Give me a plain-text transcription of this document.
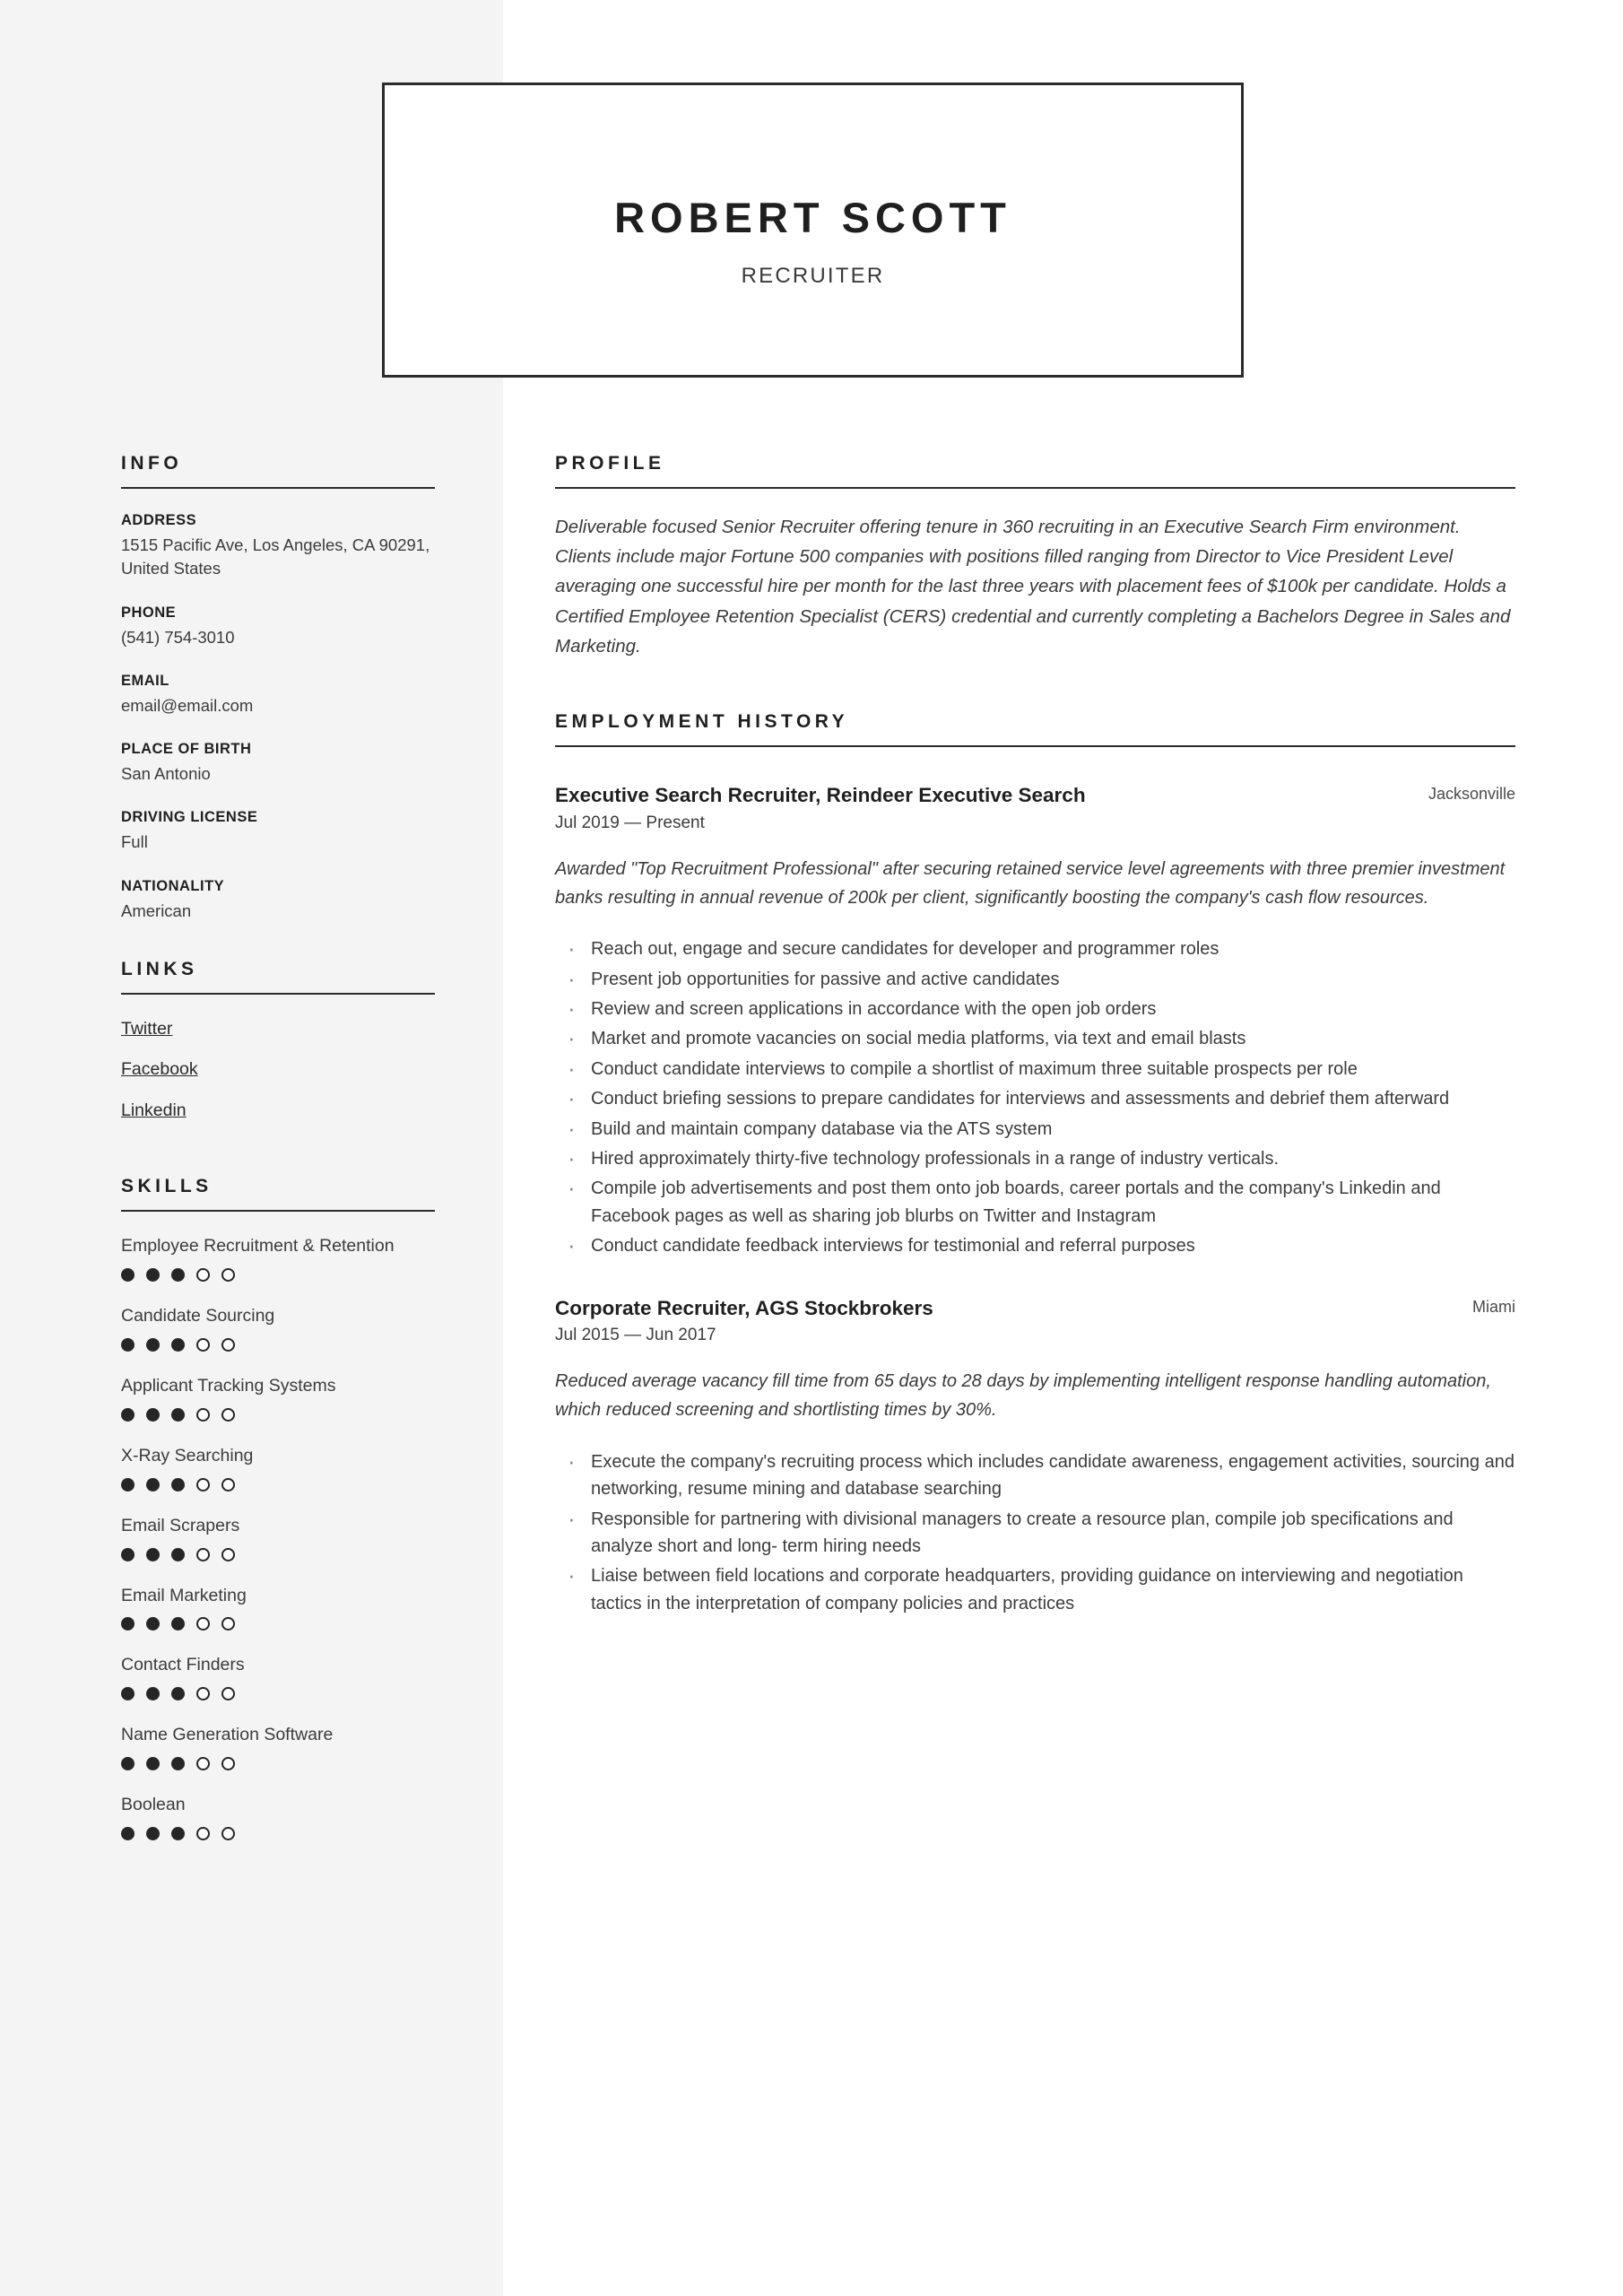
ROBERT SCOTT
RECRUITER
INFO
ADDRESS
1515 Pacific Ave, Los Angeles, CA 90291, United States
PHONE
(541) 754-3010
EMAIL
email@email.com
PLACE OF BIRTH
San Antonio
DRIVING LICENSE
Full
NATIONALITY
American
LINKS
Twitter
Facebook
Linkedin
SKILLS
Employee Recruitment & Retention
Candidate Sourcing
Applicant Tracking Systems
X-Ray Searching
Email Scrapers
Email Marketing
Contact Finders
Name Generation Software
Boolean
PROFILE
Deliverable focused Senior Recruiter offering tenure in 360 recruiting in an Executive Search Firm environment. Clients include major Fortune 500 companies with positions filled ranging from Director to Vice President Level averaging one successful hire per month for the last three years with placement fees of $100k per candidate. Holds a Certified Employee Retention Specialist (CERS) credential and currently completing a Bachelors Degree in Sales and Marketing.
EMPLOYMENT HISTORY
Executive Search Recruiter, Reindeer Executive Search	Jacksonville
Jul 2019 — Present
Awarded "Top Recruitment Professional" after securing retained service level agreements with three premier investment banks resulting in annual revenue of 200k per client, significantly boosting the company's cash flow resources.
· Reach out, engage and secure candidates for developer and programmer roles
· Present job opportunities for passive and active candidates
· Review and screen applications in accordance with the open job orders
· Market and promote vacancies on social media platforms, via text and email blasts
· Conduct candidate interviews to compile a shortlist of maximum three suitable prospects per role
· Conduct briefing sessions to prepare candidates for interviews and assessments and debrief them afterward
· Build and maintain company database via the ATS system
· Hired approximately thirty-five technology professionals in a range of industry verticals.
· Compile job advertisements and post them onto job boards, career portals and the company's Linkedin and Facebook pages as well as sharing job blurbs on Twitter and Instagram
· Conduct candidate feedback interviews for testimonial and referral purposes
Corporate Recruiter, AGS Stockbrokers	Miami
Jul 2015 — Jun 2017
Reduced average vacancy fill time from 65 days to 28 days by implementing intelligent response handling automation, which reduced screening and shortlisting times by 30%.
· Execute the company's recruiting process which includes candidate awareness, engagement activities, sourcing and networking, resume mining and database searching
· Responsible for partnering with divisional managers to create a resource plan, compile job specifications and analyze short and long- term hiring needs
· Liaise between field locations and corporate headquarters, providing guidance on interviewing and negotiation tactics in the interpretation of company policies and practices
